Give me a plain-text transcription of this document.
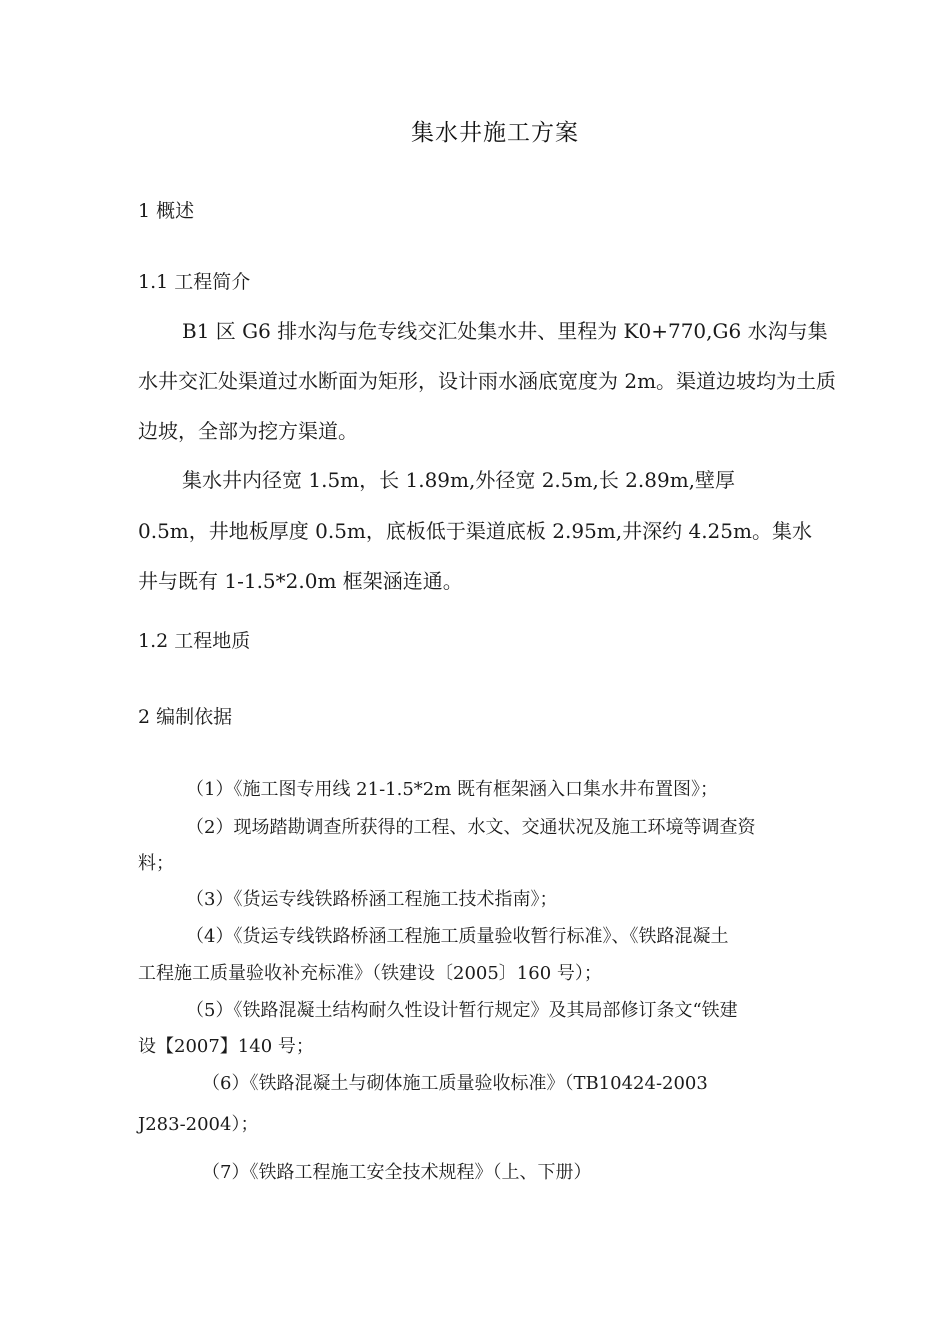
集水井施工方案
1 概述
1.1 工程简介
B1 区 G6 排水沟与危专线交汇处集水井、里程为 K0+770,G6 水沟与集
水井交汇处渠道过水断面为矩形，设计雨水涵底宽度为 2m。渠道边坡均为土质
边坡，全部为挖方渠道。
集水井内径宽 1.5m，长 1.89m,外径宽 2.5m,长 2.89m,壁厚
0.5m，井地板厚度 0.5m，底板低于渠道底板 2.95m,井深约 4.25m。集水
井与既有 1-1.5*2.0m 框架涵连通。
1.2 工程地质
2 编制依据
（1）《施工图专用线 21-1.5*2m 既有框架涵入口集水井布置图》；
（2）现场踏勘调查所获得的工程、水文、交通状况及施工环境等调查资
料；
（3）《货运专线铁路桥涵工程施工技术指南》；
（4）《货运专线铁路桥涵工程施工质量验收暂行标准》、《铁路混凝土
工程施工质量验收补充标准》（铁建设〔2005〕160 号）；
（5）《铁路混凝土结构耐久性设计暂行规定》及其局部修订条文“铁建
设【2007】140 号；
（6）《铁路混凝土与砌体施工质量验收标准》（TB10424-2003
J283-2004）；
（7）《铁路工程施工安全技术规程》（上、下册）
